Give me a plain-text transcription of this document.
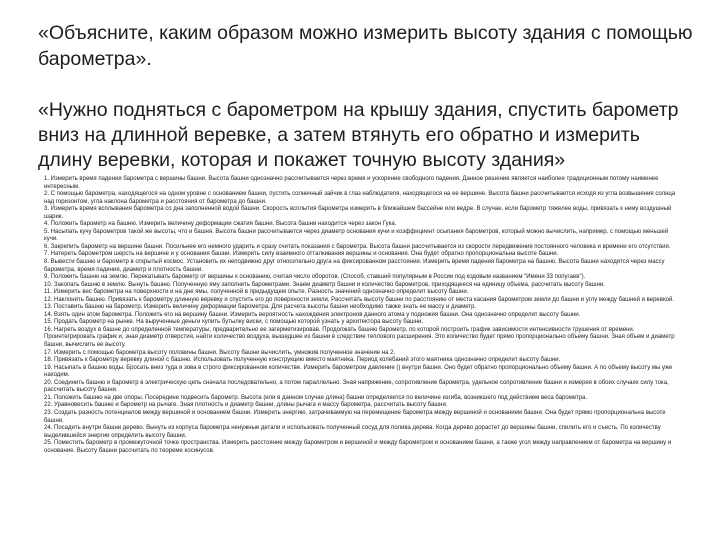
«Объясните, каким образом можно измерить высоту здания с помощью барометра».
«Нужно подняться с барометром на крышу здания, спустить барометр вниз на длинной веревке, а затем втянуть его обратно и измерить длину веревки, которая и покажет точную высоту здания»
1. Измерить время падения барометра с вершины башни. Высота башни однозначно рассчитывается через время и ускорение свободного падения. Данное решение является наиболее традиционным потому наименее интересным.
2. С помощью барометра, находящегося на одном уровне с основанием башни, пустить солнечный зайчик в глаз наблюдателя, находящегося на ее вершине. Высота башни рассчитывается исходя из угла возвышения солнца над горизонтом, угла наклона барометра и расстояния от барометра до башни.
3. Измерить время всплывания барометра со дна заполненной водой башни. Скорость всплытия барометра измерить в ближайшем бассейне или ведре. В случае, если барометр тяжелее воды, привязать к нему воздушный шарик.
4. Положить барометр на башню. Измерить величину деформации сжатия башни. Высота башни находится через закон Гука.
5. Насыпать кучу барометров такой же высоты, что и башня. Высота башни рассчитывается через диаметр основания кучи и коэффициент осыпания барометров, который можно вычислить, например, с помощью меньшей кучи.
6. Закрепить барометр на вершине башни. Посильнее его немного ударить и сразу считать показания с барометра. Высота башни рассчитывается из скорости передвижения постоянного человека и времени его отсутствия.
7. Натереть барометром шерсть на вершине и у основания башни. Измерить силу взаимного отталкивания вершины и основания. Она будет обратно пропорциональна высоте башни.
8. Вывести башню и барометр в открытый космос. Установить их неподвижно друг относительно друга на фиксированном расстоянии. Измерить время падения барометра на башню. Высота башни находится через массу барометра, время падения, диаметр и плотность башни.
9. Положить башню на землю. Перекатывать барометр от вершины к основанию, считая число оборотов. (Способ, ставший популярным в России под кодовым названием "Имени 33 попугаев").
10. Закопать башню в землю. Вынуть башню. Полученную яму заполнить барометрами. Знаем диаметр башни и количество барометров, приходящееся на единицу объема, рассчитать высоту башни.
11. Измерить вес барометра на поверхности и на дне ямы, полученной в предыдущем опыте. Разность значений однозначно определит высоту башни.
12. Наклонить башню. Привязать к барометру длинную веревку и спустить его до поверхности земли. Рассчитать высоту башни по расстоянию от места касания барометром земли до башни и углу между башней и веревкой.
13. Поставить башню на барометр. Измерить величину деформации барометра. Для расчета высоты башни необходимо также знать ее массу и диаметр.
14. Взять один атом барометра. Положить его на вершину башни. Измерить вероятность нахождения электронов данного атома у подножия башни. Она однозначно определит высоту башни.
15. Продать барометр на рынке. На вырученные деньги купить бутылку виски, с помощью которой узнать у архитектора высоту башни.
16. Нагреть воздух в башне до определенной температуры, предварительно ее загерметизировав. Продолжать башню барометр, по которой построить график зависимости интенсивности трушения от времени. Проинтегрировать график и, зная диаметр отверстия, найти количество воздуха, вышедшее из башни в следствие теплового расширения. Это количество будет прямо пропорционально объему башни. Зная объем и диаметр башни, вычислить ее высоту.
17. Измерить с помощью барометра высоту половины башни. Высоту башни вычислить, умножив полученное значение на 2.
18. Привязать к барометру веревку длиной с башню. Использовать полученную конструкцию вместо маятника. Период колебаний этого маятника однозначно определит высоту башни.
19. Насыпать в башню воды. Бросать вниз туда и зова в строго фиксированном количестве. Измерить барометром давление () внутри башни. Оно будет обратно пропорционально объему башни. А по объему высоту мы уже находим.
20. Соединить башню и барометр в электрическую цепь сначала последовательно, а потом параллельно. Зная напряжение, сопротивление барометра, удельное сопротивление башни и измеряя в обоих случаях силу тока, рассчитать высоту башни.
21. Положить башню на две опоры. Посередине подвесить барометр. Высота (или в данном случае длина) башни определяется по величине изгиба, возникшего под действием веса барометра.
22. Уравновесить башню и барометр на рычаге. Зная плотность и диаметр башни, длины рычага и массу барометра, рассчитать высоту башни.
23. Создать разность потенциалов между вершиной и основанием башни. Измерить энергию, затрачиваемую на перемещение барометра между вершиной и основанием башни. Она будет прямо пропорциональна высоте башни.
24. Посадить внутри башни дерево. Вынуть из корпуса барометра ненужные детали и использовать полученный сосуд для полива дерева. Когда дерево дорастет до вершины башни, спилить его и съесть. По количеству выделившейся энергии определить высоту башни.
25. Поместить барометр в промежуточной точке пространства. Измерить расстояние между барометром и вершиной и между барометром и основанием башни, а также угол между направлением от барометра на вершину и основание. Высоту башни рассчитать по теореме косинусов.
